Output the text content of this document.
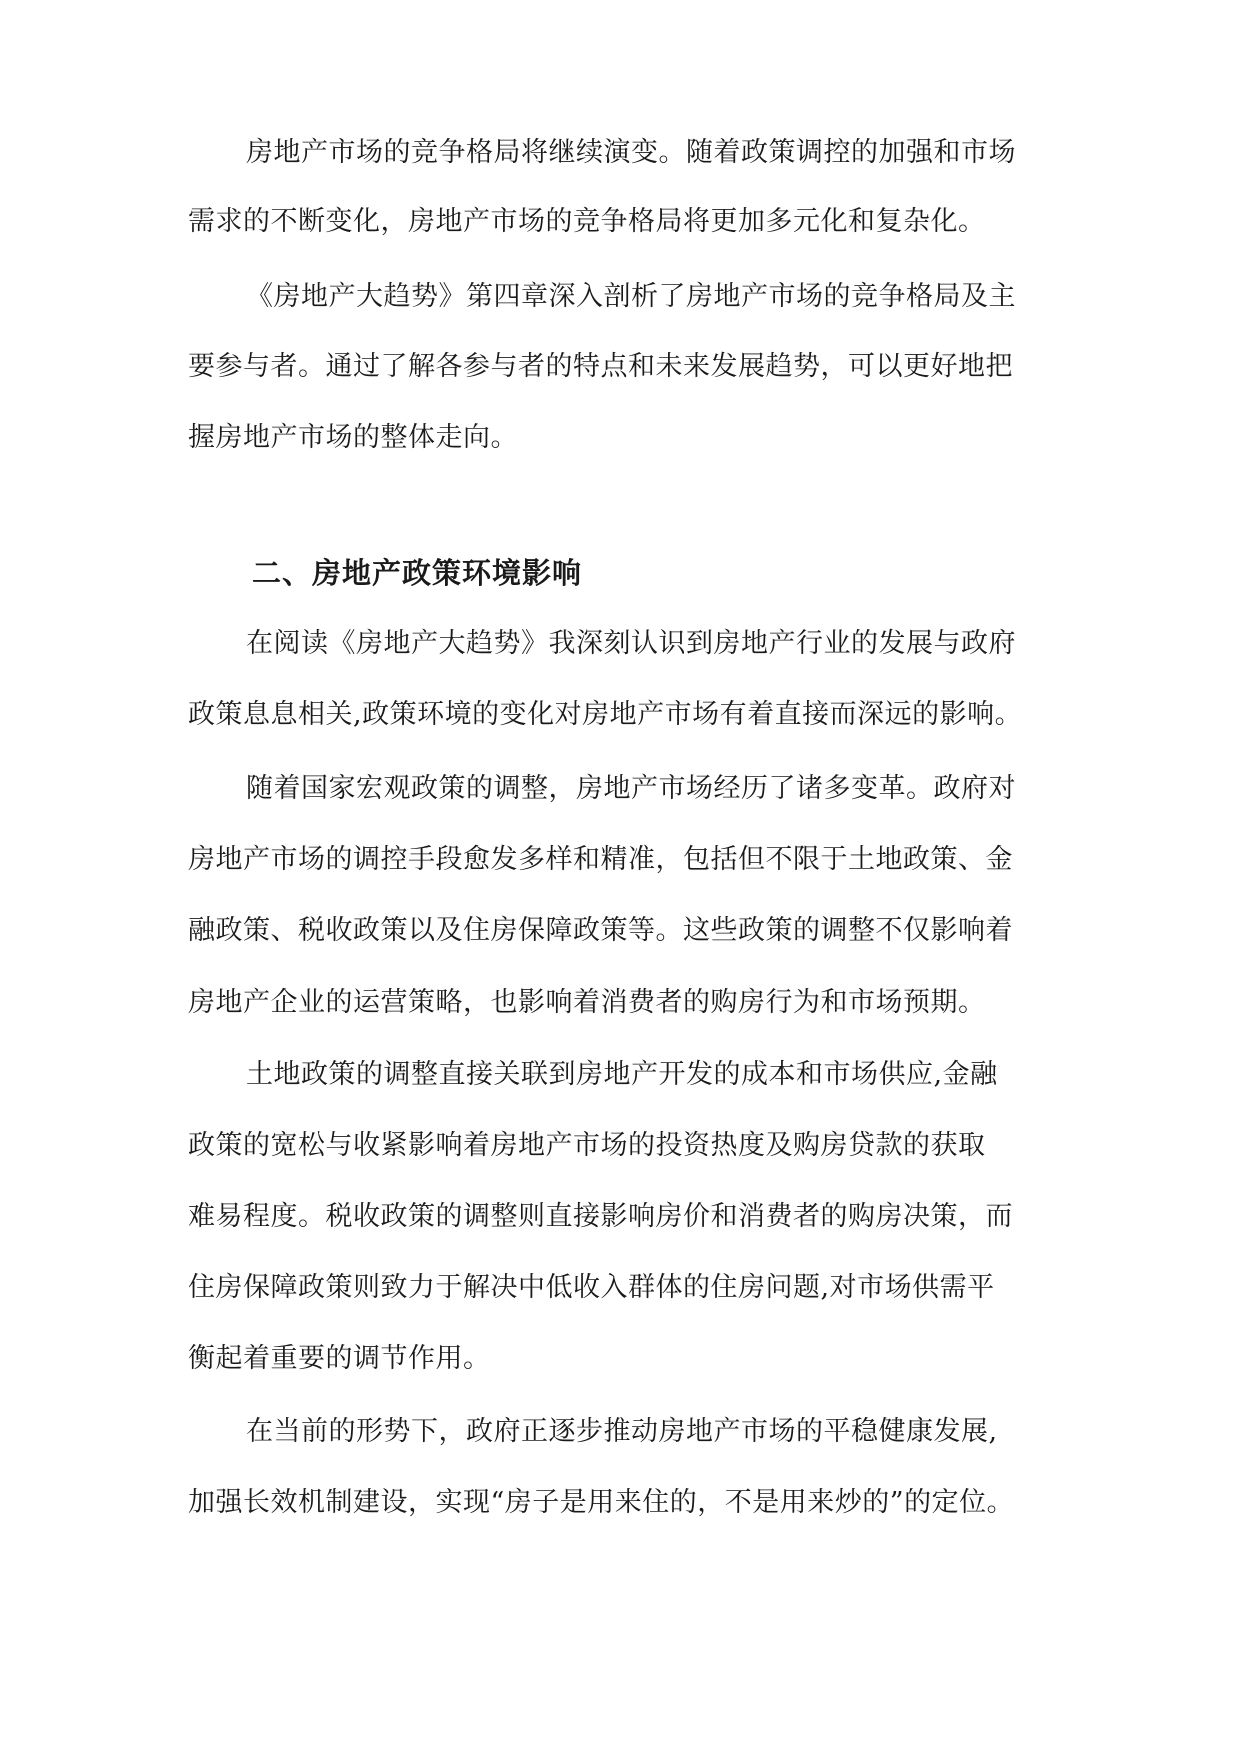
房地产市场的竞争格局将继续演变。随着政策调控的加强和市场
需求的不断变化，房地产市场的竞争格局将更加多元化和复杂化。
《房地产大趋势》第四章深入剖析了房地产市场的竞争格局及主
要参与者。通过了解各参与者的特点和未来发展趋势，可以更好地把
握房地产市场的整体走向。
二、房地产政策环境影响
在阅读《房地产大趋势》我深刻认识到房地产行业的发展与政府
政策息息相关,政策环境的变化对房地产市场有着直接而深远的影响。
随着国家宏观政策的调整，房地产市场经历了诸多变革。政府对
房地产市场的调控手段愈发多样和精准，包括但不限于土地政策、金
融政策、税收政策以及住房保障政策等。这些政策的调整不仅影响着
房地产企业的运营策略，也影响着消费者的购房行为和市场预期。
土地政策的调整直接关联到房地产开发的成本和市场供应,金融
政策的宽松与收紧影响着房地产市场的投资热度及购房贷款的获取
难易程度。税收政策的调整则直接影响房价和消费者的购房决策，而
住房保障政策则致力于解决中低收入群体的住房问题,对市场供需平
衡起着重要的调节作用。
在当前的形势下，政府正逐步推动房地产市场的平稳健康发展,
加强长效机制建设，实现“房子是用来住的，不是用来炒的”的定位。
